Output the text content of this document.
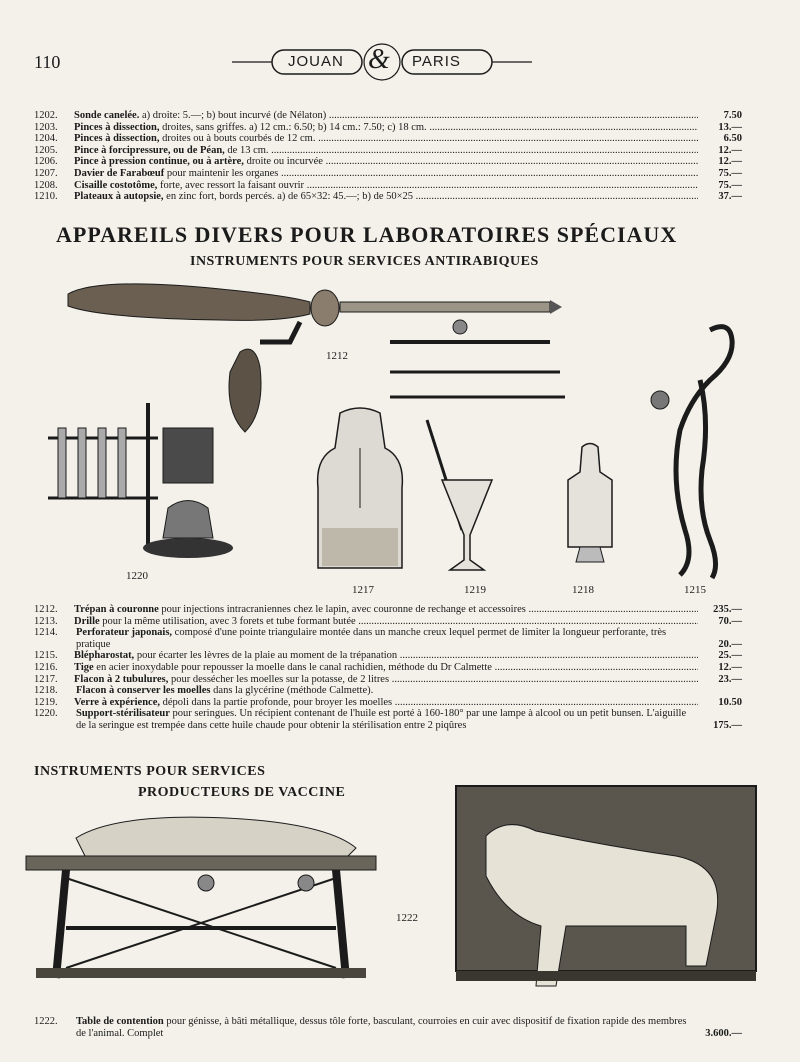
110	JOUAN & PARIS
1202.	Sonde canelée. a) droite: 5.—; b) bout incurvé (de Nélaton) .....	7.50
1203.	Pinces à dissection, droites, sans griffes. a) 12 cm.: 6.50; b) 14 cm.: 7.50; c) 18 cm. .....	13.—
1204.	Pinces à dissection, droites ou à bouts courbés de 12 cm. .....	6.50
1205.	Pince à forcipressure, ou de Péan, de 13 cm. .....	12.—
1206.	Pince à pression continue, ou à artère, droite ou incurvée .....	12.—
1207.	Davier de Farabœuf pour maintenir les organes .....	75.—
1208.	Cisaille costotôme, forte, avec ressort la faisant ouvrir .....	75.—
1210.	Plateaux à autopsie, en zinc fort, bords percés. a) de 65×32: 45.—; b) de 50×25 .....	37.—
APPAREILS DIVERS POUR LABORATOIRES SPÉCIAUX
INSTRUMENTS POUR SERVICES ANTIRABIQUES
1212
1215
1220
1217	1219	1218
1212.	Trépan à couronne pour injections intracraniennes chez le lapin, avec couronne de rechange et accessoires .....	235.—
1213.	Drille pour la même utilisation, avec 3 forets et tube formant butée .....	70.—
1214.	Perforateur japonais, composé d'une pointe triangulaire montée dans un manche creux lequel permet de limiter la longueur perforante, très pratique	20.—
1215.	Blépharostat, pour écarter les lèvres de la plaie au moment de la trépanation .....	25.—
1216.	Tige en acier inoxydable pour repousser la moelle dans le canal rachidien, méthode du Dr Calmette .....	12.—
1217.	Flacon à 2 tubulures, pour dessécher les moelles sur la potasse, de 2 litres .....	23.—
1218.	Flacon à conserver les moelles dans la glycérine (méthode Calmette).
1219.	Verre à expérience, dépoli dans la partie profonde, pour broyer les moelles .....	10.50
1220.	Support-stérilisateur pour seringues. Un récipient contenant de l'huile est porté à 160-180° par une lampe à alcool ou un petit bunsen. L'aiguille de la seringue est trempée dans cette huile chaude pour obtenir la stérilisation entre 2 piqûres	175.—
INSTRUMENTS POUR SERVICES
PRODUCTEURS DE VACCINE
1222
1222.	Table de contention pour génisse, à bâti métallique, dessus tôle forte, basculant, courroies en cuir avec dispositif de fixation rapide des membres de l'animal. Complet	3.600.—
